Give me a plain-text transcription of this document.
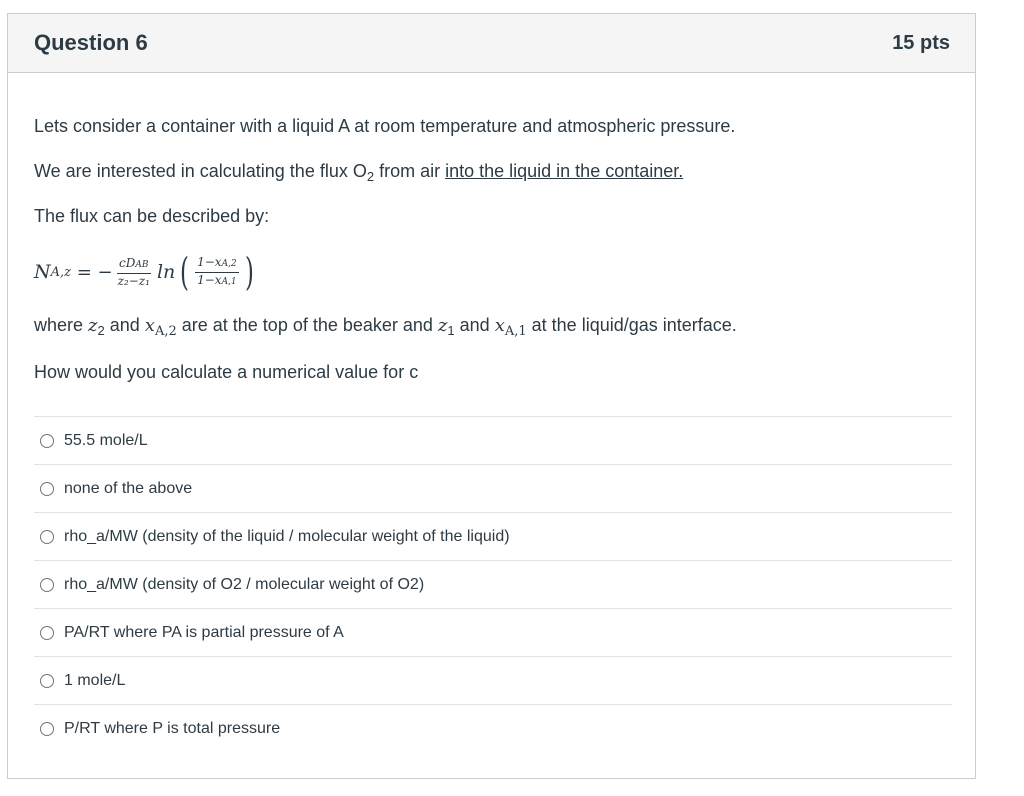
Question 6	15 pts

Lets consider a container with a liquid A at room temperature and atmospheric pressure.

We are interested in calculating the flux $O_2$ from air into the liquid in the container.

The flux can be described by:

N A,z = − $\frac{\text{cDAB}}{\text{z₂−z₁}}$ ln ( $\frac{1-xA,2}{1-xA,1}$ )

where $z_2$ and $x_{A,2}$ are at the top of the beaker and $z_1$ and $x_{A,1}$ at the liquid/gas interface.

How would you calculate a numerical value for c

55.5 mole/L
none of the above
rho_a/MW (density of the liquid / molecular weight of the liquid)
rho_a/MW (density of O2 / molecular weight of O2)
PA/RT where PA is partial pressure of A
1 mole/L
P/RT where P is total pressure
